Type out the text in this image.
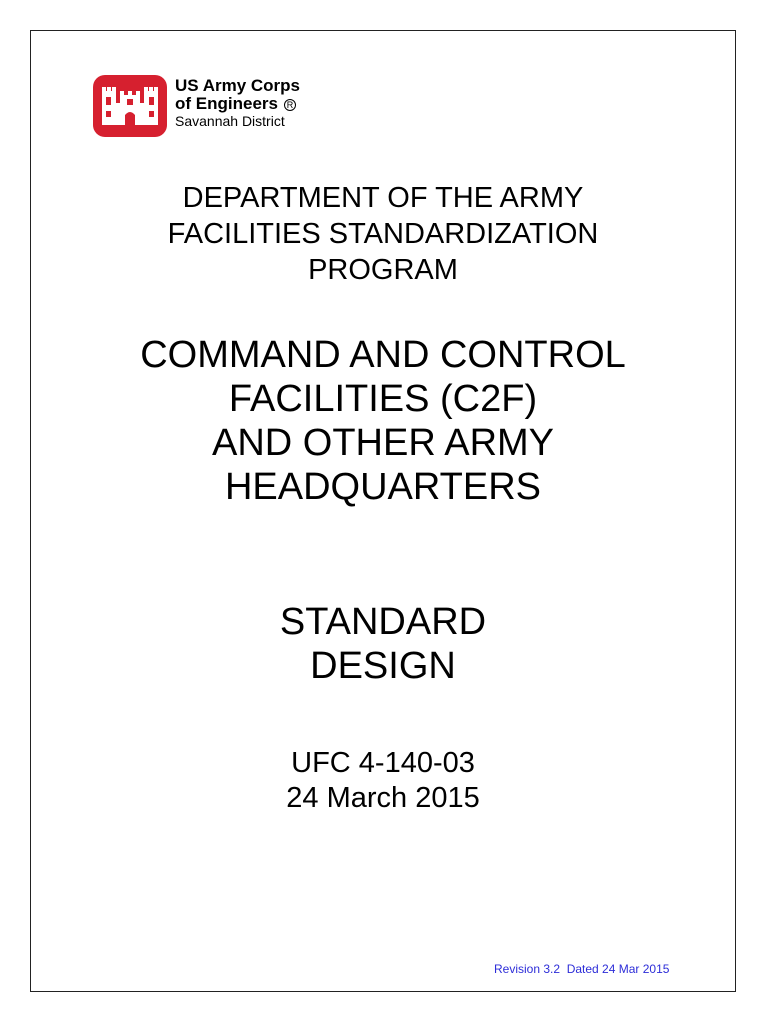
US Army Corps
of Engineers R
Savannah District
DEPARTMENT OF THE ARMY
FACILITIES STANDARDIZATION
PROGRAM
COMMAND AND CONTROL
FACILITIES (C2F)
AND OTHER ARMY
HEADQUARTERS
STANDARD
DESIGN
UFC 4-140-03
24 March 2015
Revision 3.2  Dated 24 Mar 2015
